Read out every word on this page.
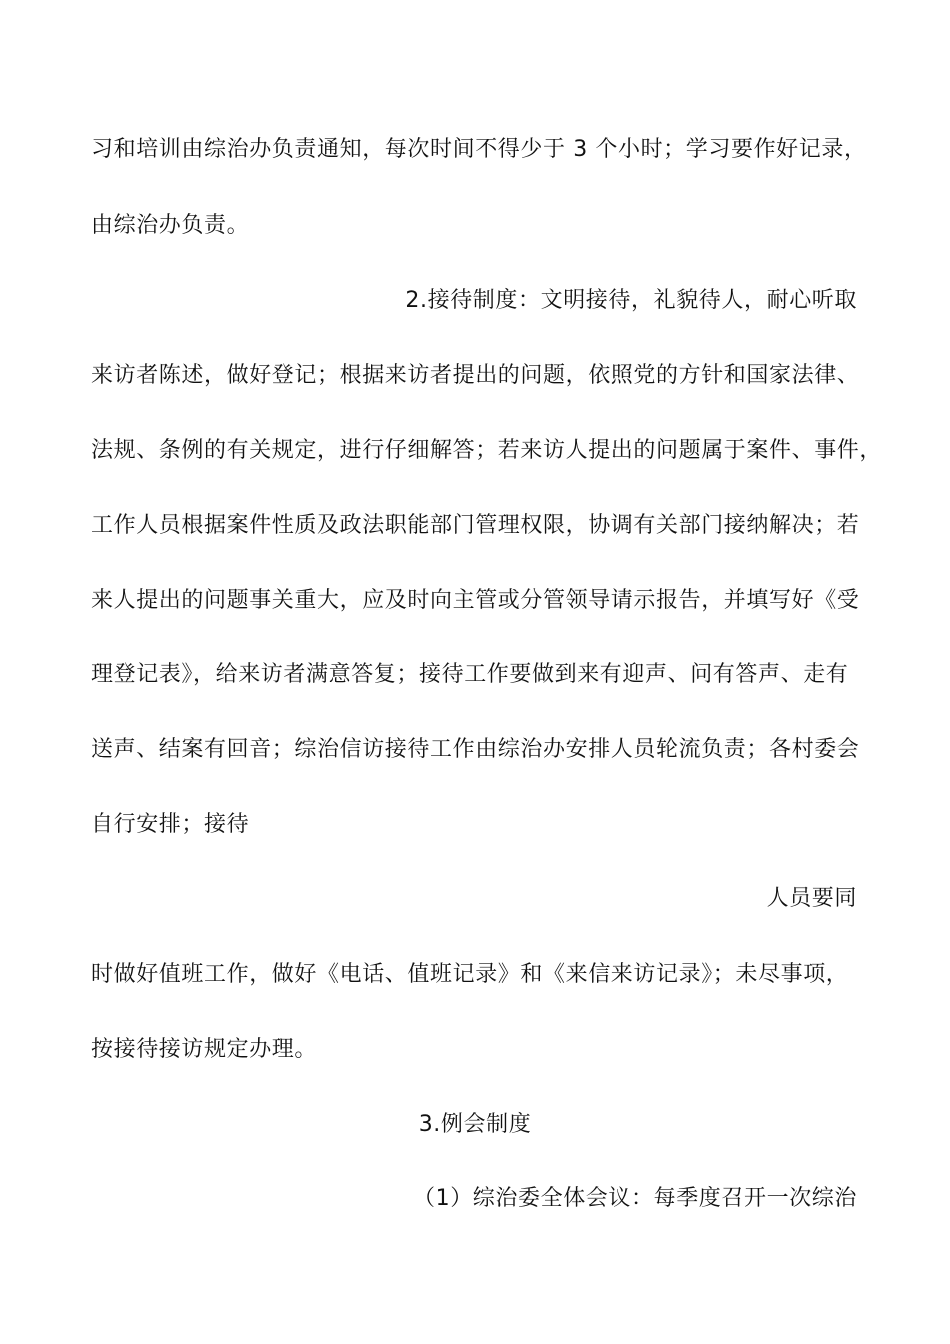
习和培训由综治办负责通知，每次时间不得少于 3 个小时；学习要作好记录，
由综治办负责。
2.接待制度：文明接待，礼貌待人，耐心听取
来访者陈述，做好登记；根据来访者提出的问题，依照党的方针和国家法律、
法规、条例的有关规定，进行仔细解答；若来访人提出的问题属于案件、事件，
工作人员根据案件性质及政法职能部门管理权限，协调有关部门接纳解决；若
来人提出的问题事关重大，应及时向主管或分管领导请示报告，并填写好《受
理登记表》，给来访者满意答复；接待工作要做到来有迎声、问有答声、走有
送声、结案有回音；综治信访接待工作由综治办安排人员轮流负责；各村委会
自行安排；接待
人员要同
时做好值班工作，做好《电话、值班记录》和《来信来访记录》；未尽事项，
按接待接访规定办理。
3.例会制度
（1）综治委全体会议：每季度召开一次综治
